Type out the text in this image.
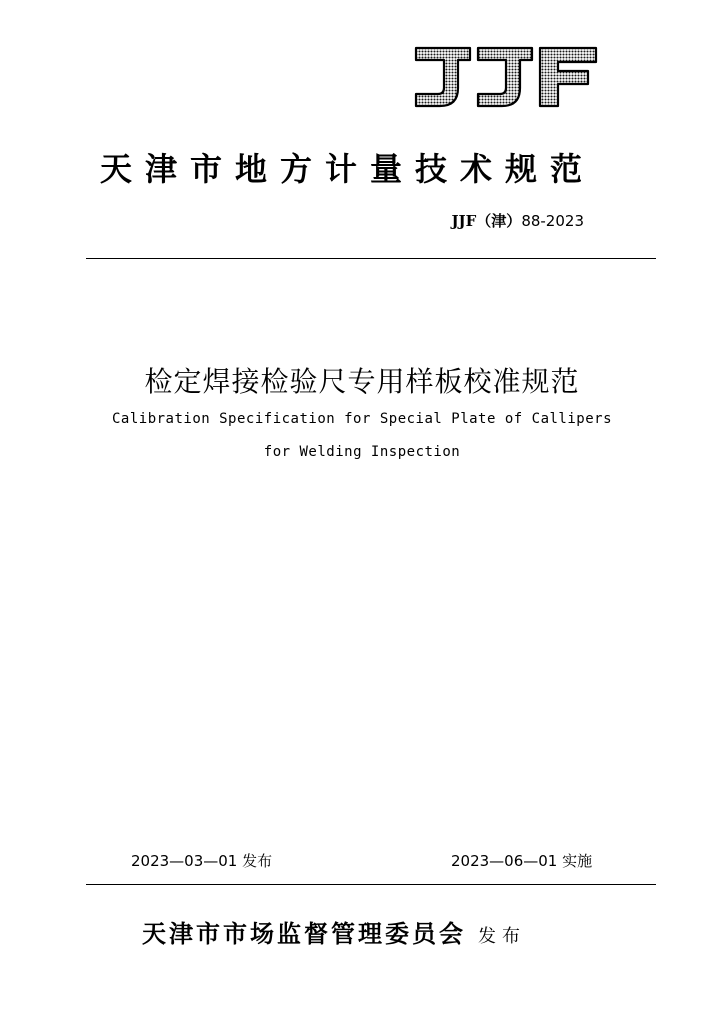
天津市地方计量技术规范
JJF（津）88-2023
检定焊接检验尺专用样板校准规范
Calibration Specification for Special Plate of Callipers
for Welding Inspection
2023—03—01 发布	2023—06—01 实施
天津市市场监督管理委员会 发布
